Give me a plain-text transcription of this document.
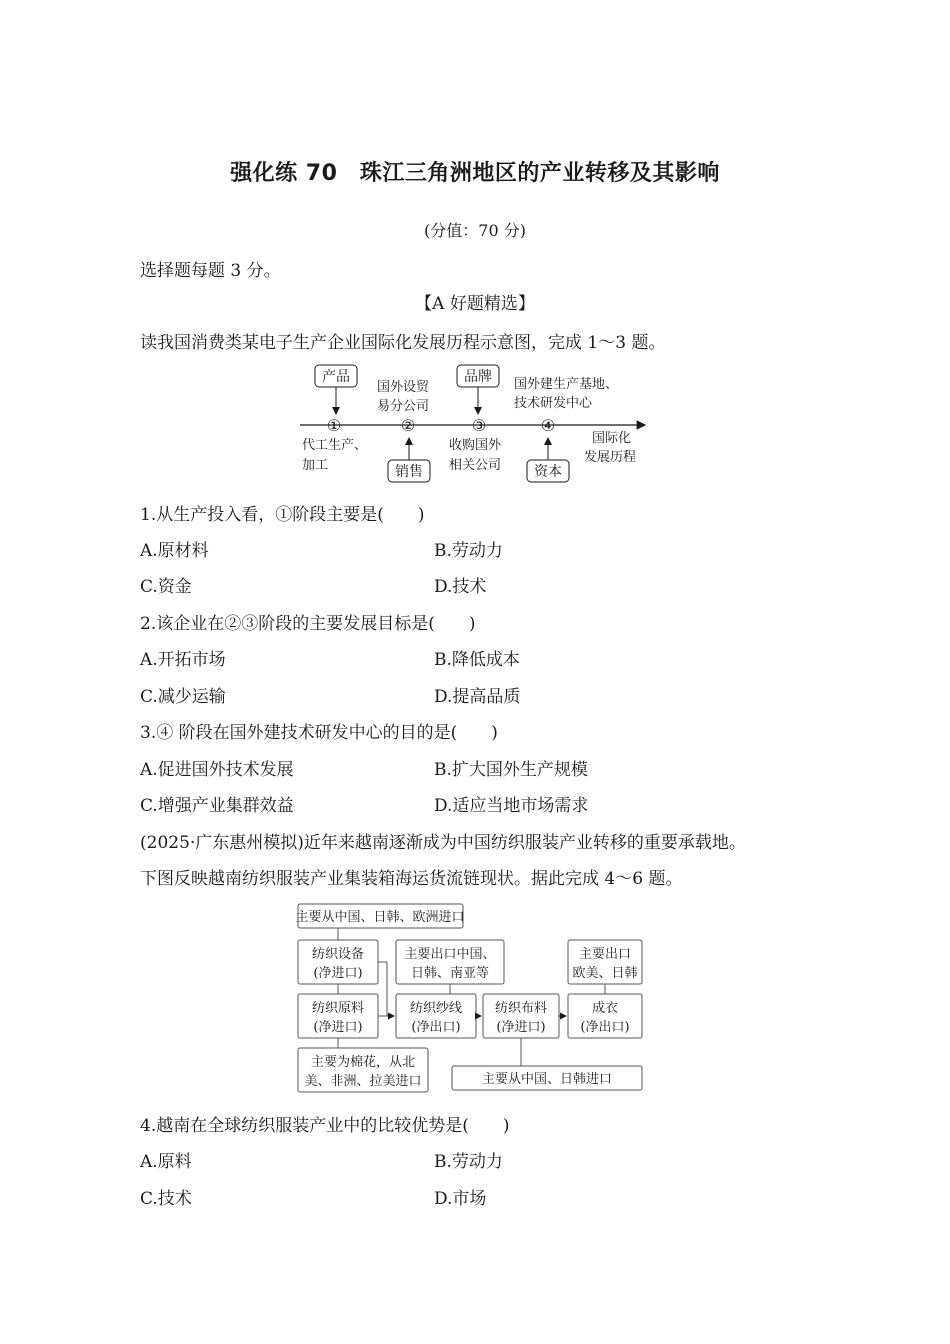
强化练 70　珠江三角洲地区的产业转移及其影响
(分值：70 分)
选择题每题 3 分。
【A 好题精选】
读我国消费类某电子生产企业国际化发展历程示意图，完成 1～3 题。
①	②	③	④
产品	品牌
销售	资本
国外设贸
易分公司
国外建生产基地、
技术研发中心
代工生产、
加工
收购国外
相关公司
国际化
发展历程
1.从生产投入看，①阶段主要是(　　)
A.原材料	B.劳动力
C.资金	D.技术
2.该企业在②③阶段的主要发展目标是(　　)
A.开拓市场	B.降低成本
C.减少运输	D.提高品质
3.④ 阶段在国外建技术研发中心的目的是(　　)
A.促进国外技术发展	B.扩大国外生产规模
C.增强产业集群效益	D.适应当地市场需求
(2025·广东惠州模拟)近年来越南逐渐成为中国纺织服装产业转移的重要承载地。
下图反映越南纺织服装产业集装箱海运货流链现状。据此完成 4～6 题。
主要从中国、日韩、欧洲进口
纺织设备
(净进口)
纺织原料
(净进口)
主要为棉花，从北
美、非洲、拉美进口
主要出口中国、
日韩、南亚等
纺织纱线
(净出口)
纺织布料
(净进口)
主要从中国、日韩进口
主要出口
欧美、日韩
成衣
(净出口)
4.越南在全球纺织服装产业中的比较优势是(　　)
A.原料	B.劳动力
C.技术	D.市场
